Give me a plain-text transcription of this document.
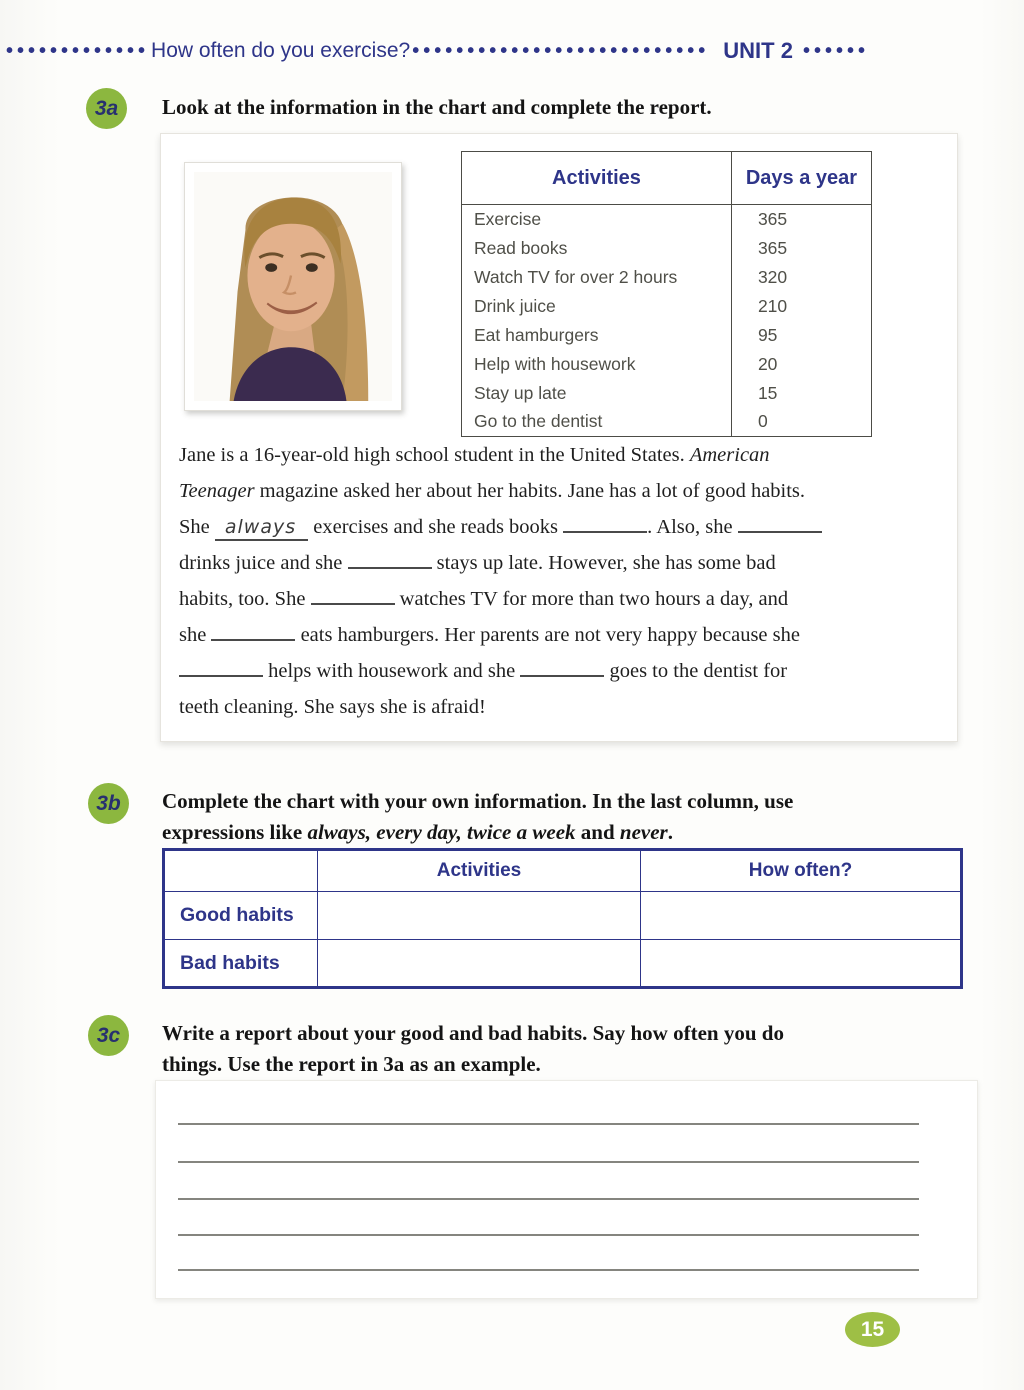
••••••••••••• How often do you exercise? ••••••••••••••••••••••••••• UNIT 2 ••••••
3a	Look at the information in the chart and complete the report.
Activities	Days a year
Exercise	365
Read books	365
Watch TV for over 2 hours	320
Drink juice	210
Eat hamburgers	95
Help with housework	20
Stay up late	15
Go to the dentist	0
Jane is a 16-year-old high school student in the United States. American
Teenager magazine asked her about her habits. Jane has a lot of good habits.
She always exercises and she reads books	. Also, she
drinks juice and she	stays up late. However, she has some bad
habits, too. She	watches TV for more than two hours a day, and
she	eats hamburgers. Her parents are not very happy because she
helps with housework and she	goes to the dentist for
teeth cleaning. She says she is afraid!
3b	Complete the chart with your own information. In the last column, use
expressions like always, every day, twice a week and never.
	Activities	How often?
Good habits		
Bad habits		
3c	Write a report about your good and bad habits. Say how often you do
things. Use the report in 3a as an example.
15
